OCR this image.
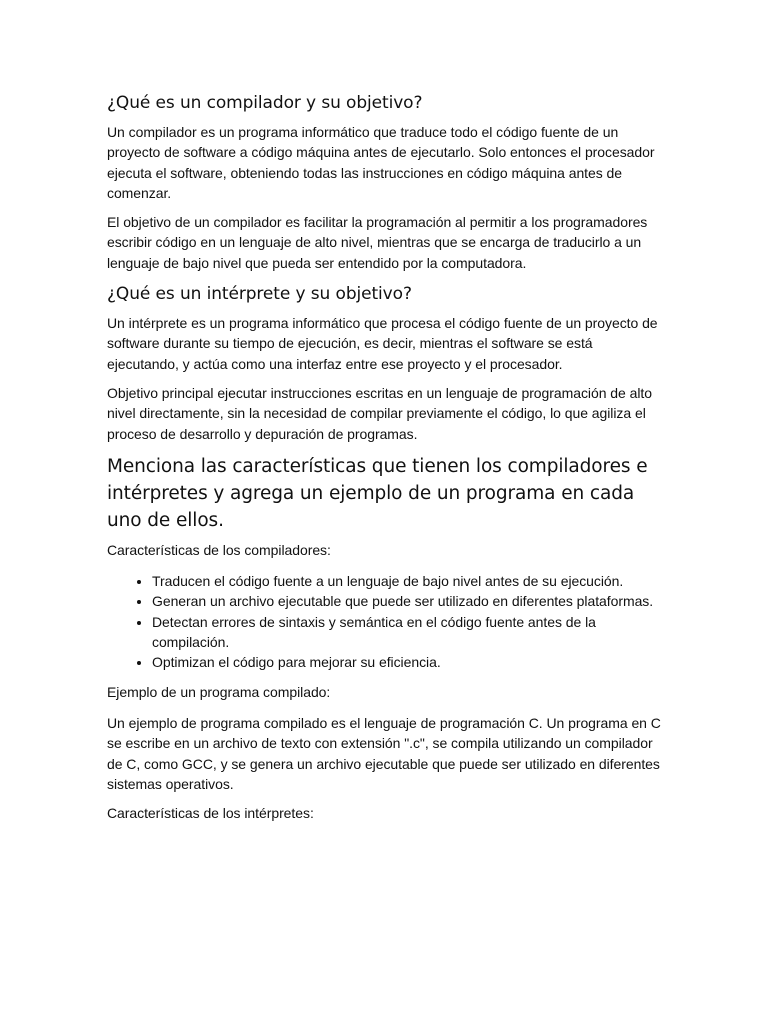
¿Qué es un compilador y su objetivo?

Un compilador es un programa informático que traduce todo el código fuente de un proyecto de software a código máquina antes de ejecutarlo. Solo entonces el procesador ejecuta el software, obteniendo todas las instrucciones en código máquina antes de comenzar.

El objetivo de un compilador es facilitar la programación al permitir a los programadores escribir código en un lenguaje de alto nivel, mientras que se encarga de traducirlo a un lenguaje de bajo nivel que pueda ser entendido por la computadora.

¿Qué es un intérprete y su objetivo?

Un intérprete es un programa informático que procesa el código fuente de un proyecto de software durante su tiempo de ejecución, es decir, mientras el software se está ejecutando, y actúa como una interfaz entre ese proyecto y el procesador.

Objetivo principal ejecutar instrucciones escritas en un lenguaje de programación de alto nivel directamente, sin la necesidad de compilar previamente el código, lo que agiliza el proceso de desarrollo y depuración de programas.

Menciona las características que tienen los compiladores e intérpretes y agrega un ejemplo de un programa en cada uno de ellos.

Características de los compiladores:

• Traducen el código fuente a un lenguaje de bajo nivel antes de su ejecución.
• Generan un archivo ejecutable que puede ser utilizado en diferentes plataformas.
• Detectan errores de sintaxis y semántica en el código fuente antes de la compilación.
• Optimizan el código para mejorar su eficiencia.

Ejemplo de un programa compilado:

Un ejemplo de programa compilado es el lenguaje de programación C. Un programa en C se escribe en un archivo de texto con extensión ".c", se compila utilizando un compilador de C, como GCC, y se genera un archivo ejecutable que puede ser utilizado en diferentes sistemas operativos.

Características de los intérpretes:
